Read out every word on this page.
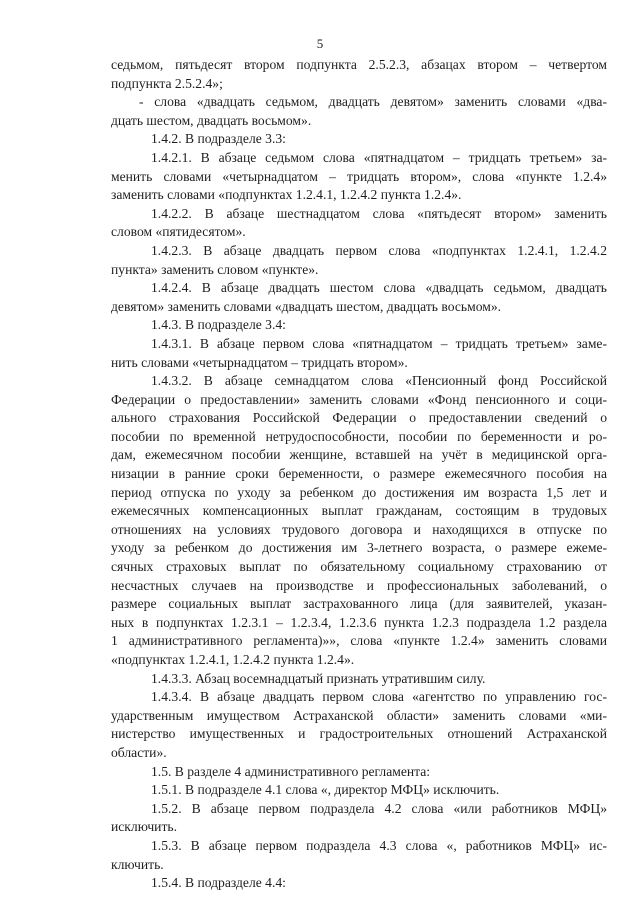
5
седьмом, пятьдесят втором подпункта 2.5.2.3, абзацах втором – четвертом
подпункта 2.5.2.4»;
- слова «двадцать седьмом, двадцать девятом» заменить словами «два-
дцать шестом, двадцать восьмом».
1.4.2. В подразделе 3.3:
1.4.2.1. В абзаце седьмом слова «пятнадцатом – тридцать третьем» за-
менить словами «четырнадцатом – тридцать втором», слова «пункте 1.2.4»
заменить словами «подпунктах 1.2.4.1, 1.2.4.2 пункта 1.2.4».
1.4.2.2. В абзаце шестнадцатом слова «пятьдесят втором» заменить
словом «пятидесятом».
1.4.2.3. В абзаце двадцать первом слова «подпунктах 1.2.4.1, 1.2.4.2
пункта» заменить словом «пункте».
1.4.2.4. В абзаце двадцать шестом слова «двадцать седьмом, двадцать
девятом» заменить словами «двадцать шестом, двадцать восьмом».
1.4.3. В подразделе 3.4:
1.4.3.1. В абзаце первом слова «пятнадцатом – тридцать третьем» заме-
нить словами «четырнадцатом – тридцать втором».
1.4.3.2. В абзаце семнадцатом слова «Пенсионный фонд Российской
Федерации о предоставлении» заменить словами «Фонд пенсионного и соци-
ального страхования Российской Федерации о предоставлении сведений о
пособии по временной нетрудоспособности, пособии по беременности и ро-
дам, ежемесячном пособии женщине, вставшей на учёт в медицинской орга-
низации в ранние сроки беременности, о размере ежемесячного пособия на
период отпуска по уходу за ребенком до достижения им возраста 1,5 лет и
ежемесячных компенсационных выплат гражданам, состоящим в трудовых
отношениях на условиях трудового договора и находящихся в отпуске по
уходу за ребенком до достижения им 3-летнего возраста, о размере ежеме-
сячных страховых выплат по обязательному социальному страхованию от
несчастных случаев на производстве и профессиональных заболеваний, о
размере социальных выплат застрахованного лица (для заявителей, указан-
ных в подпунктах 1.2.3.1 – 1.2.3.4, 1.2.3.6 пункта 1.2.3 подраздела 1.2 раздела
1 административного регламента)»», слова «пункте 1.2.4» заменить словами
«подпунктах 1.2.4.1, 1.2.4.2 пункта 1.2.4».
1.4.3.3. Абзац восемнадцатый признать утратившим силу.
1.4.3.4. В абзаце двадцать первом слова «агентство по управлению гос-
ударственным имуществом Астраханской области» заменить словами «ми-
нистерство имущественных и градостроительных отношений Астраханской
области».
1.5. В разделе 4 административного регламента:
1.5.1. В подразделе 4.1 слова «, директор МФЦ» исключить.
1.5.2. В абзаце первом подраздела 4.2 слова «или работников МФЦ»
исключить.
1.5.3. В абзаце первом подраздела 4.3 слова «, работников МФЦ» ис-
ключить.
1.5.4. В подразделе 4.4:
